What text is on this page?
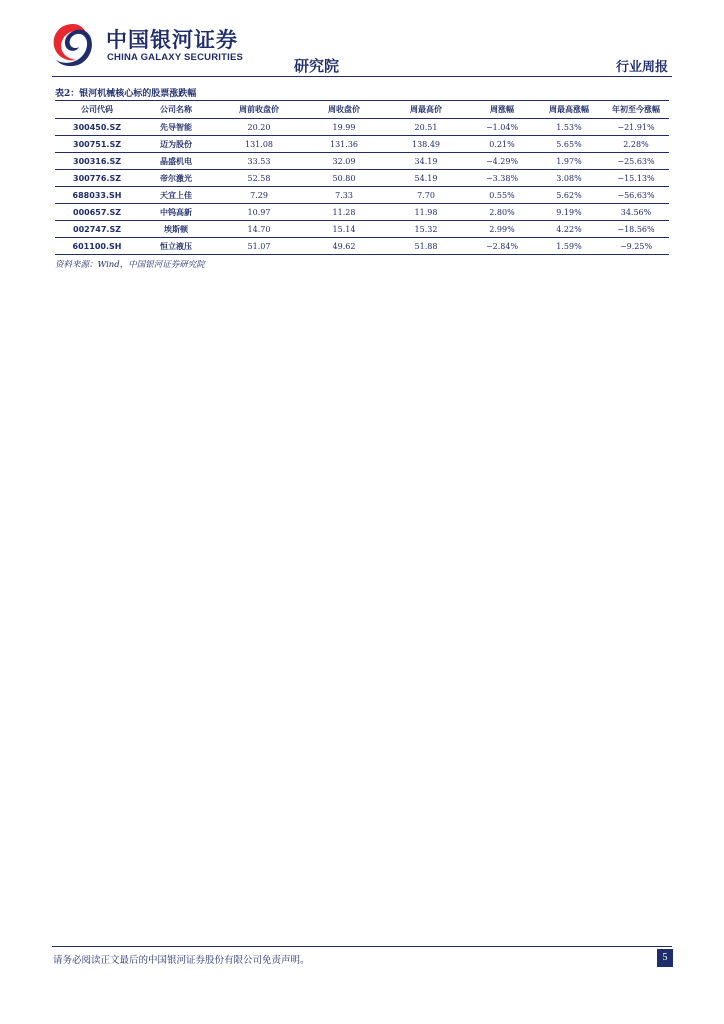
中国银河证券
CHINA GALAXY SECURITIES	研究院	行业周报
表2：银河机械核心标的股票涨跌幅
公司代码	公司名称	周前收盘价	周收盘价	周最高价	周涨幅	周最高涨幅	年初至今涨幅
300450.SZ	先导智能	20.20	19.99	20.51	−1.04%	1.53%	−21.91%
300751.SZ	迈为股份	131.08	131.36	138.49	0.21%	5.65%	2.28%
300316.SZ	晶盛机电	33.53	32.09	34.19	−4.29%	1.97%	−25.63%
300776.SZ	帝尔激光	52.58	50.80	54.19	−3.38%	3.08%	−15.13%
688033.SH	天宜上佳	7.29	7.33	7.70	0.55%	5.62%	−56.63%
000657.SZ	中钨高新	10.97	11.28	11.98	2.80%	9.19%	34.56%
002747.SZ	埃斯顿	14.70	15.14	15.32	2.99%	4.22%	−18.56%
601100.SH	恒立液压	51.07	49.62	51.88	−2.84%	1.59%	−9.25%
资料来源：Wind，中国银河证券研究院
请务必阅读正文最后的中国银河证券股份有限公司免责声明。	5
